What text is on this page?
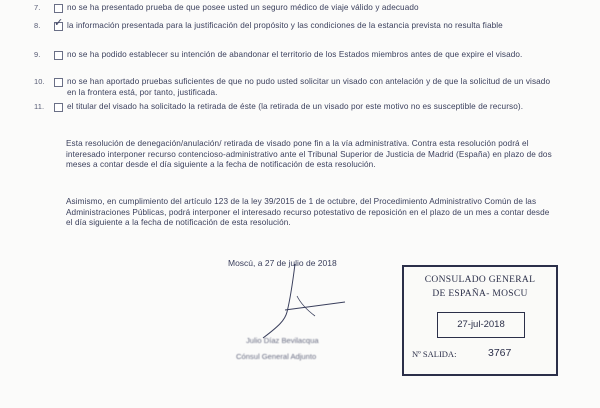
7.	no se ha presentado prueba de que posee usted un seguro médico de viaje válido y adecuado
8.	✓ la información presentada para la justificación del propósito y las condiciones de la estancia prevista no resulta fiable
9.	no se ha podido establecer su intención de abandonar el territorio de los Estados miembros antes de que expire el visado.
10.	no se han aportado pruebas suficientes de que no pudo usted solicitar un visado con antelación y de que la solicitud de un visado en la frontera está, por tanto, justificada.
11.	el titular del visado ha solicitado la retirada de éste (la retirada de un visado por este motivo no es susceptible de recurso).
Esta resolución de denegación/anulación/ retirada de visado pone fin a la vía administrativa. Contra esta resolución podrá el interesado interponer recurso contencioso-administrativo ante el Tribunal Superior de Justicia de Madrid (España) en plazo de dos meses a contar desde el día siguiente a la fecha de notificación de esta resolución.
Asimismo, en cumplimiento del artículo 123 de la ley 39/2015 de 1 de octubre, del Procedimiento Administrativo Común de las Administraciones Públicas, podrá interponer el interesado recurso potestativo de reposición en el plazo de un mes a contar desde el día siguiente a la fecha de notificación de esta resolución.
Moscú, a 27 de julio de 2018
Julio Díaz Bevilacqua
Cónsul General Adjunto
CONSULADO GENERAL
DE ESPAÑA- MOSCU
27-jul-2018
Nº SALIDA:	3767
